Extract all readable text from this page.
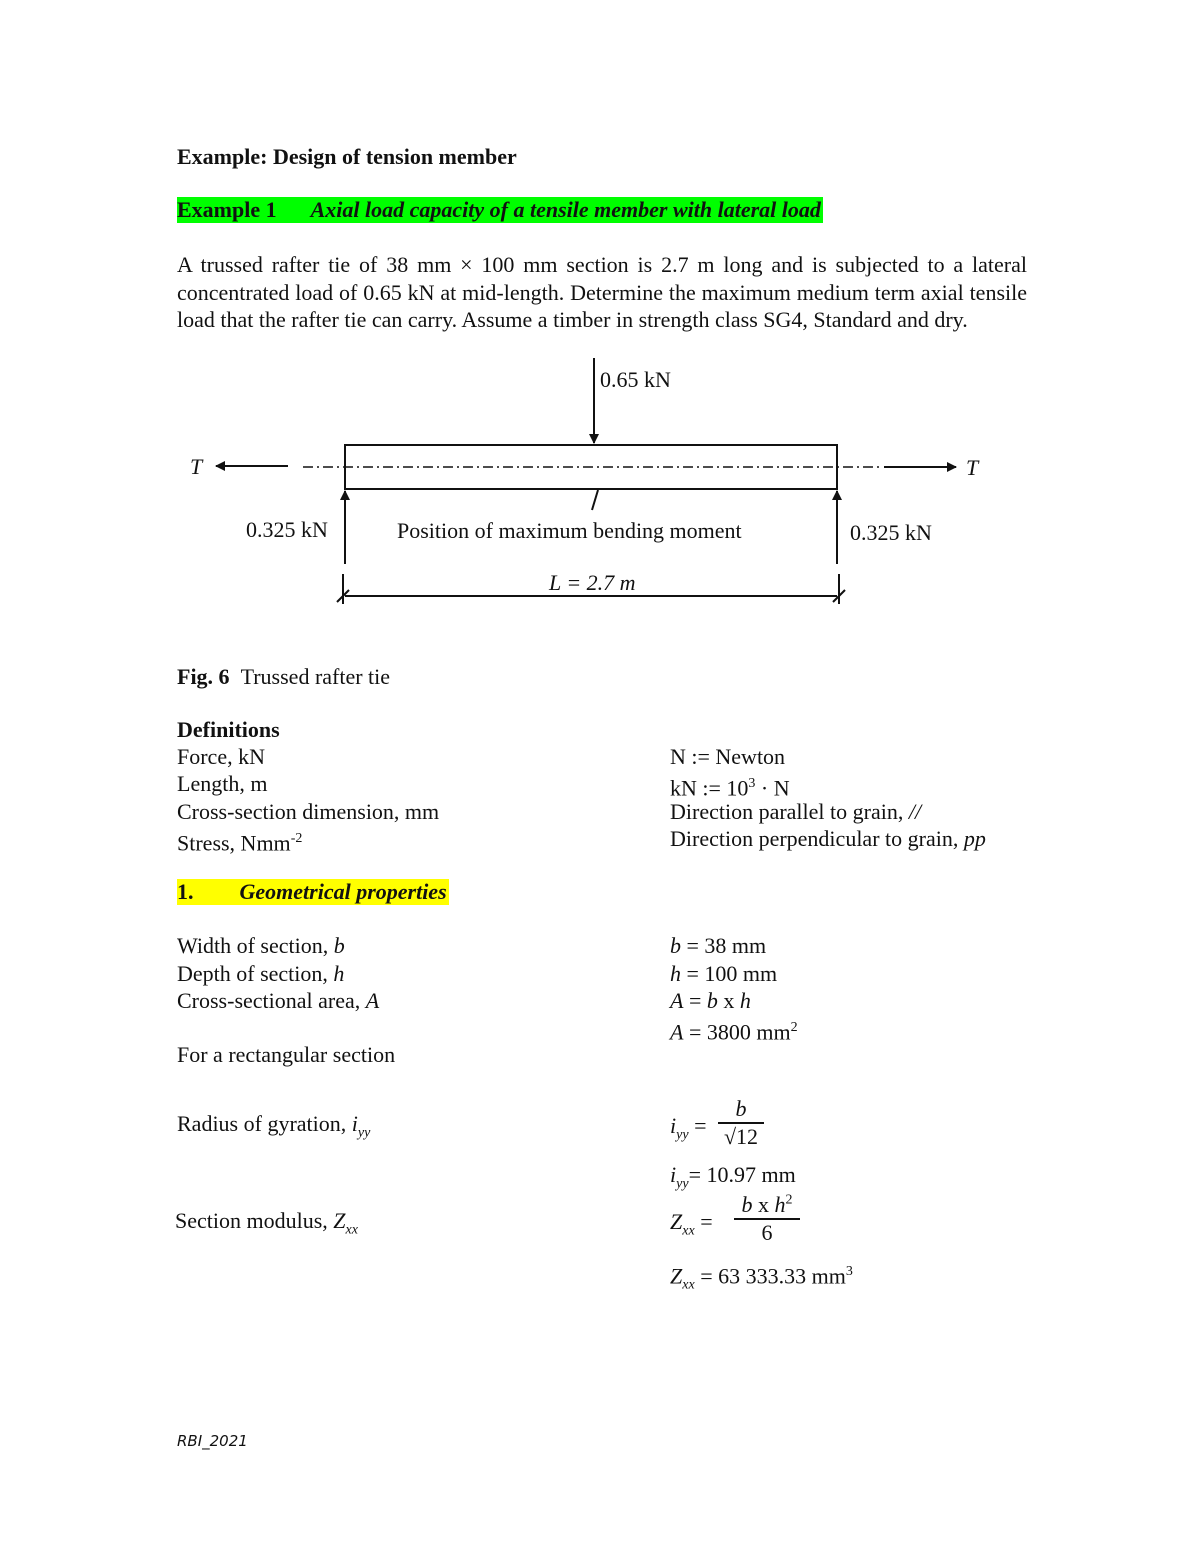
Example: Design of tension member
Example 1 Axial load capacity of a tensile member with lateral load
A trussed rafter tie of 38 mm × 100 mm section is 2.7 m long and is subjected to a lateral concentrated load of 0.65 kN at mid-length. Determine the maximum medium term axial tensile load that the rafter tie can carry. Assume a timber in strength class SG4, Standard and dry.
0.65 kN
T	T
0.325 kN	0.325 kN
Position of maximum bending moment
L = 2.7 m
Fig. 6 Trussed rafter tie
Definitions
Force, kN
Length, m
Cross-section dimension, mm
Stress, Nmm$^{-2}$
N := Newton
kN := $10^3 \cdot N$
Direction parallel to grain, //
Direction perpendicular to grain, pp
1. Geometrical properties
Width of section, b
Depth of section, h
Cross-sectional area, A
For a rectangular section
Radius of gyration, $i_{yy}$
Section modulus, $Z_{xx}$
b = 38 mm
h = 100 mm
A = b x h
A = 3800 $mm^2$
$i_{yy}$ =
b
√12
$i_{yy}= 10.97$ mm
$Z_{xx}$ =
b x $h^2$
6
$Z_{xx} = 63$ 333.33 $mm^3$
RBI_2021
